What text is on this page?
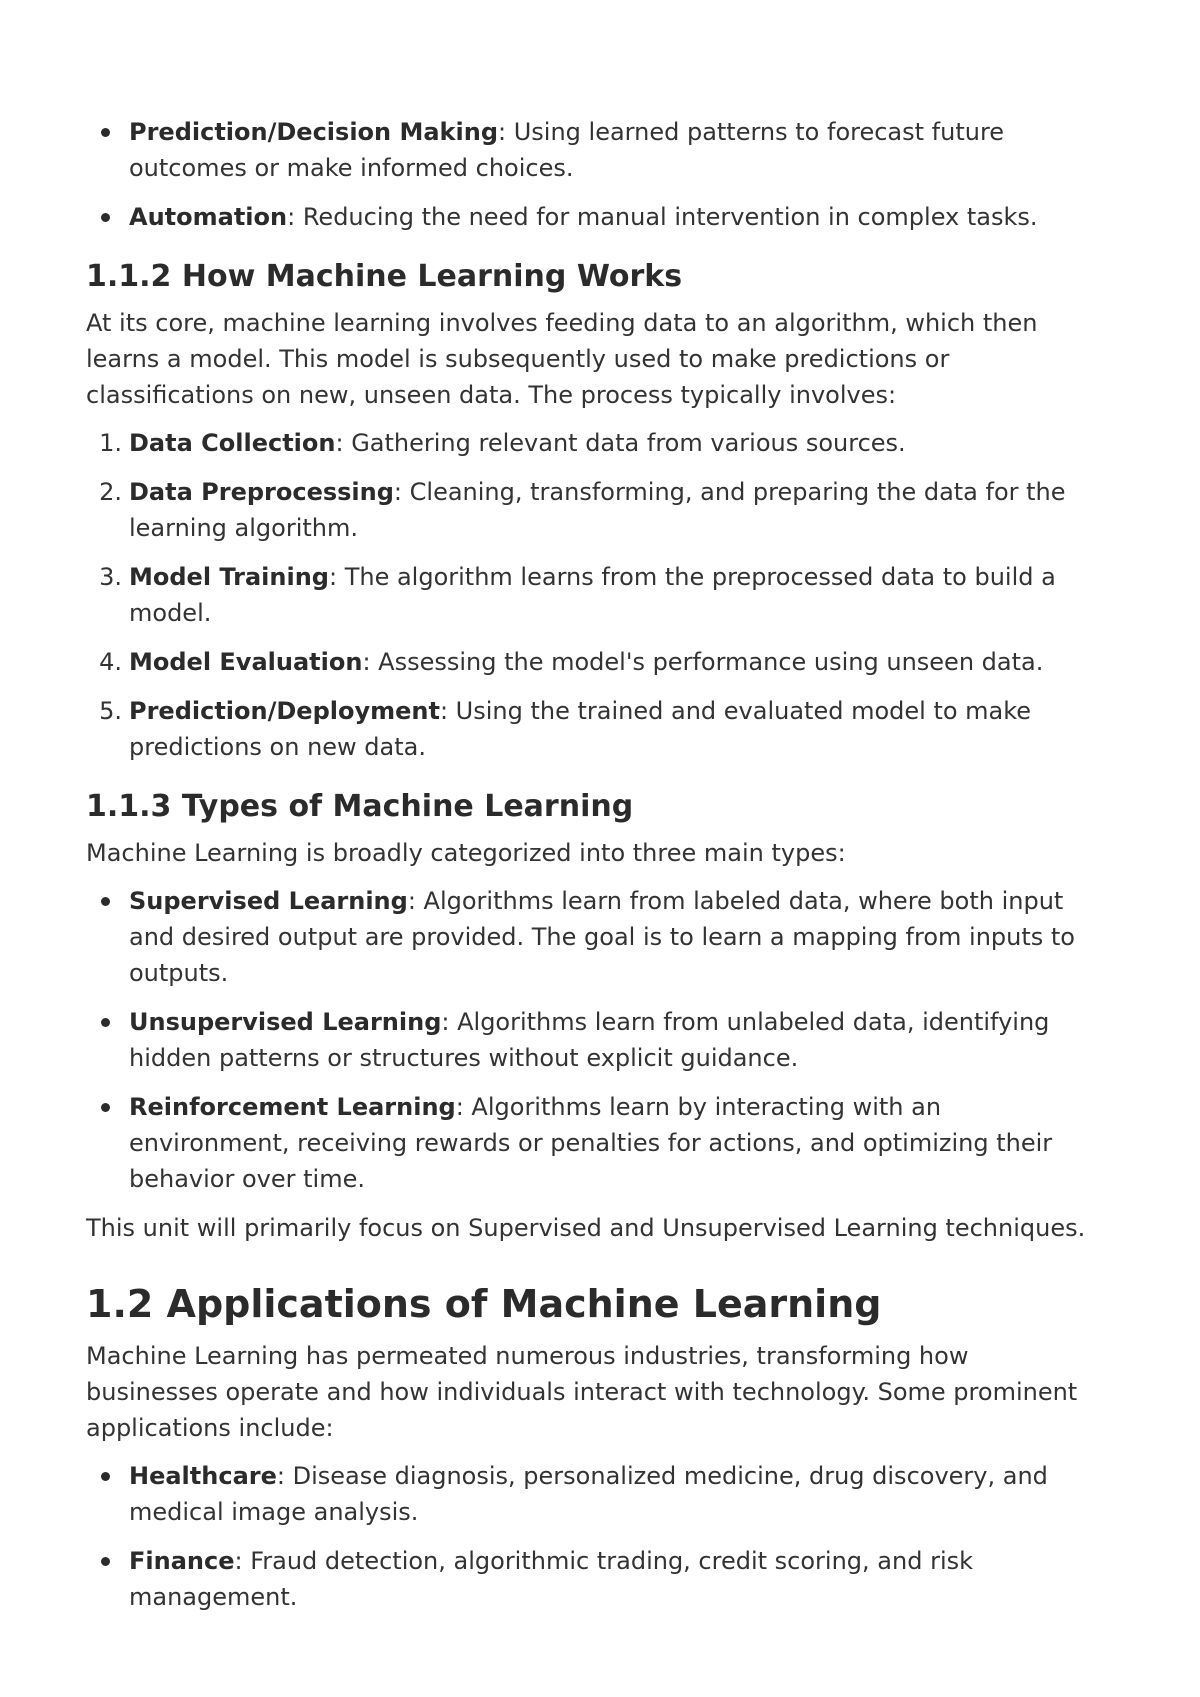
Prediction/Decision Making: Using learned patterns to forecast future outcomes or make informed choices.
Automation: Reducing the need for manual intervention in complex tasks.
1.1.2 How Machine Learning Works

At its core, machine learning involves feeding data to an algorithm, which then learns a model. This model is subsequently used to make predictions or classifications on new, unseen data. The process typically involves:

1. Data Collection: Gathering relevant data from various sources.
2. Data Preprocessing: Cleaning, transforming, and preparing the data for the learning algorithm.
3. Model Training: The algorithm learns from the preprocessed data to build a model.
4. Model Evaluation: Assessing the model's performance using unseen data.
5. Prediction/Deployment: Using the trained and evaluated model to make predictions on new data.
1.1.3 Types of Machine Learning

Machine Learning is broadly categorized into three main types:

Supervised Learning: Algorithms learn from labeled data, where both input and desired output are provided. The goal is to learn a mapping from inputs to outputs.
Unsupervised Learning: Algorithms learn from unlabeled data, identifying hidden patterns or structures without explicit guidance.
Reinforcement Learning: Algorithms learn by interacting with an environment, receiving rewards or penalties for actions, and optimizing their behavior over time.

This unit will primarily focus on Supervised and Unsupervised Learning techniques.

1.2 Applications of Machine Learning

Machine Learning has permeated numerous industries, transforming how businesses operate and how individuals interact with technology. Some prominent applications include:

Healthcare: Disease diagnosis, personalized medicine, drug discovery, and medical image analysis.
Finance: Fraud detection, algorithmic trading, credit scoring, and risk management.
